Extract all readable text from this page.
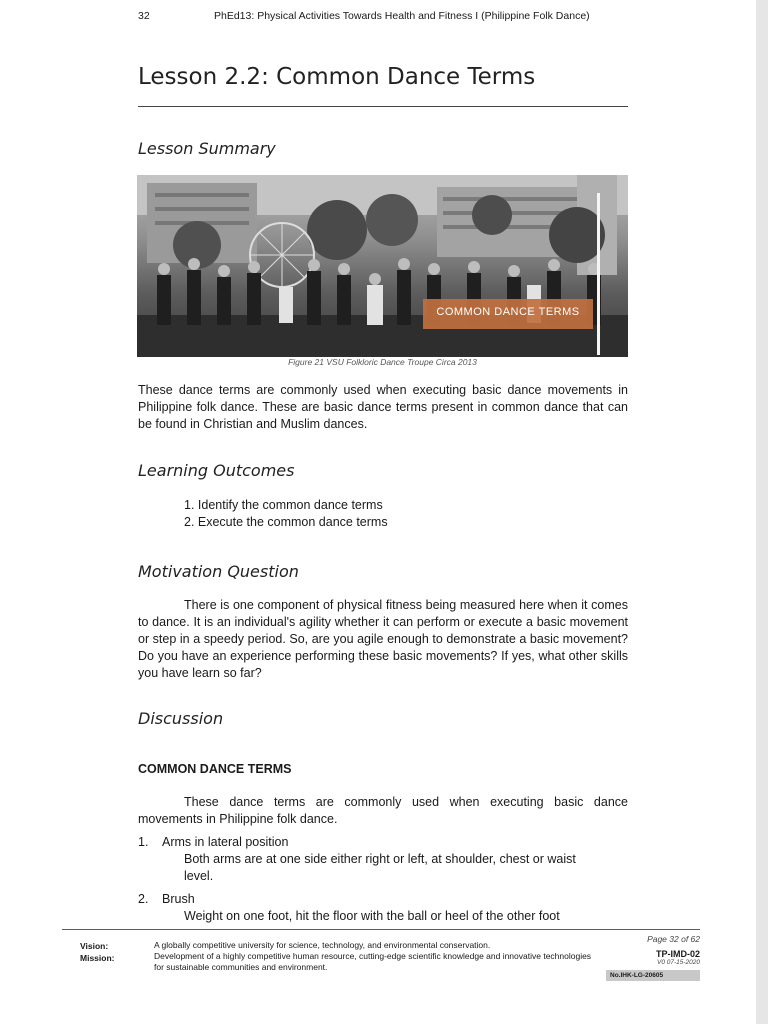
32	PhEd13: Physical Activities Towards Health and Fitness I (Philippine Folk Dance)
Lesson 2.2: Common Dance Terms
Lesson Summary
COMMON DANCE TERMS
Figure 21 VSU Folkloric Dance Troupe Circa 2013

These dance terms are commonly used when executing basic dance movements in Philippine folk dance. These are basic dance terms present in common dance that can be found in Christian and Muslim dances.

Learning Outcomes
1. Identify the common dance terms
2. Execute the common dance terms
Motivation Question

There is one component of physical fitness being measured here when it comes to dance. It is an individual's agility whether it can perform or execute a basic movement or step in a speedy period. So, are you agile enough to demonstrate a basic movement? Do you have an experience performing these basic movements? If yes, what other skills you have learn so far?

Discussion
COMMON DANCE TERMS

These dance terms are commonly used when executing basic dance movements in Philippine folk dance.

1. Arms in lateral position
Both arms are at one side either right or left, at shoulder, chest or waist level.
2. Brush
Weight on one foot, hit the floor with the ball or heel of the other foot
Vision:
Mission:
A globally competitive university for science, technology, and environmental conservation.
Development of a highly competitive human resource, cutting-edge scientific knowledge and innovative technologies for sustainable communities and environment.
Page 32 of 62
TP-IMD-02
V0 07-15-2020
No.IHK-LG-20605
